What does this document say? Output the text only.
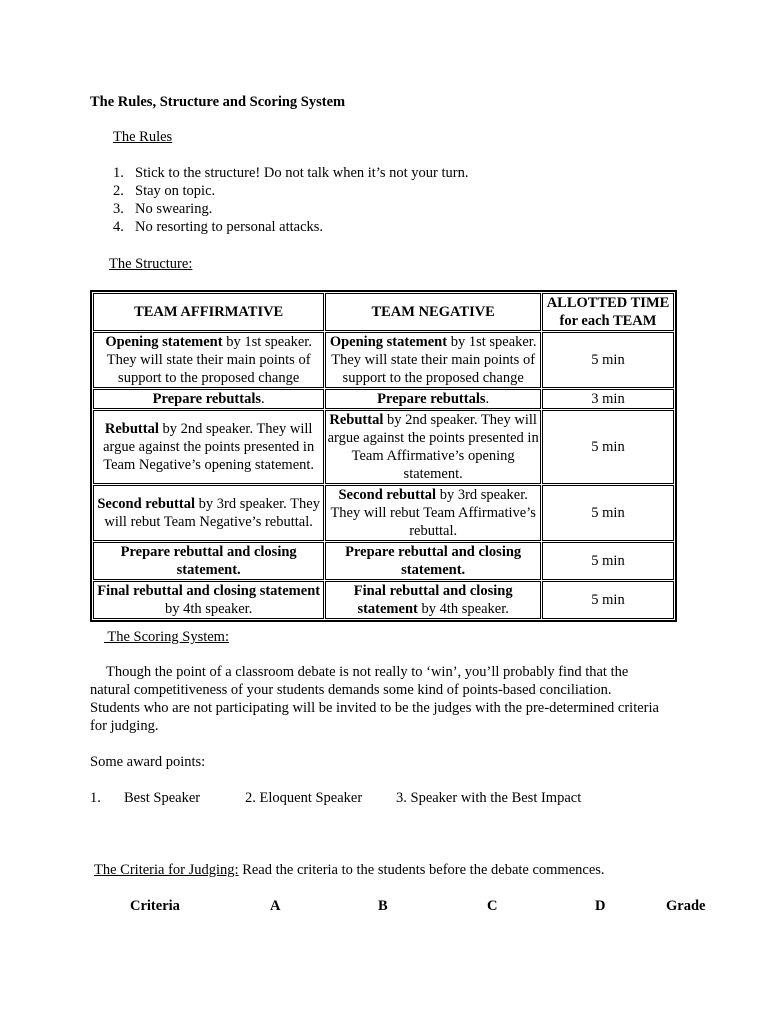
The Rules, Structure and Scoring System
The Rules
1. Stick to the structure! Do not talk when it’s not your turn.
2. Stay on topic.
3. No swearing.
4. No resorting to personal attacks.
The Structure:
TEAM AFFIRMATIVE	TEAM NEGATIVE	ALLOTTED TIME
for each TEAM
Opening statement by 1st speaker. They will state their main points of support to the proposed change	Opening statement by 1st speaker. They will state their main points of support to the proposed change	5 min
Prepare rebuttals.	Prepare rebuttals.	3 min
Rebuttal by 2nd speaker. They will argue against the points presented in Team Negative’s opening statement.	Rebuttal by 2nd speaker. They will argue against the points presented in Team Affirmative’s opening statement.	5 min
Second rebuttal by 3rd speaker. They will rebut Team Negative’s rebuttal.	Second rebuttal by 3rd speaker. They will rebut Team Affirmative’s rebuttal.	5 min
Prepare rebuttal and closing statement.	Prepare rebuttal and closing statement.	5 min
Final rebuttal and closing statement by 4th speaker.	Final rebuttal and closing statement by 4th speaker.	5 min
The Scoring System:

Though the point of a classroom debate is not really to ‘win’, you’ll probably find that the natural competitiveness of your students demands some kind of points-based conciliation. Students who are not participating will be invited to be the judges with the pre-determined criteria for judging.

Some award points:
1. Best Speaker	2. Eloquent Speaker 3. Speaker with the Best Impact
The Criteria for Judging: Read the criteria to the students before the debate commences.
Criteria	A	B	C	D	Grade
